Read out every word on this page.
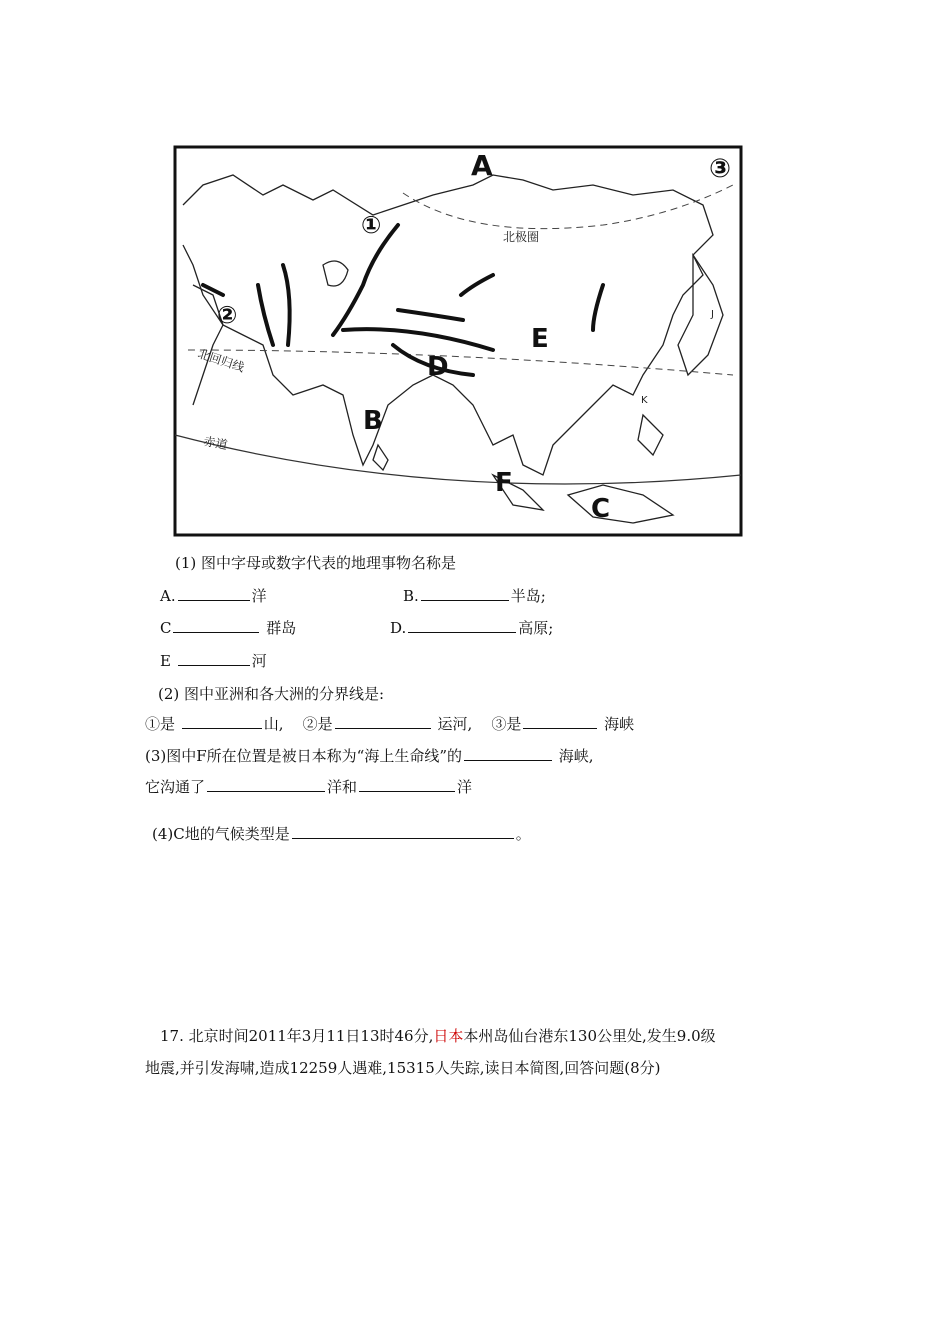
A
①
②
③
B
D
E
F
C
北极圈
北回归线
赤道
J
K
(1) 图中字母或数字代表的地理事物名称是
A.	洋	B.	半岛;
C	群岛	D.	高原;
E	河
(2) 图中亚洲和各大洲的分界线是:
①是	山, ②是	运河, ③是	海峡
(3)图中F所在位置是被日本称为“海上生命线”的	海峡,
它沟通了	洋和	洋
(4)C地的气候类型是	。
17. 北京时间2011年3月11日13时46分,日本本州岛仙台港东130公里处,发生9.0级
地震,并引发海啸,造成12259人遇难,15315人失踪,读日本简图,回答问题(8分)
